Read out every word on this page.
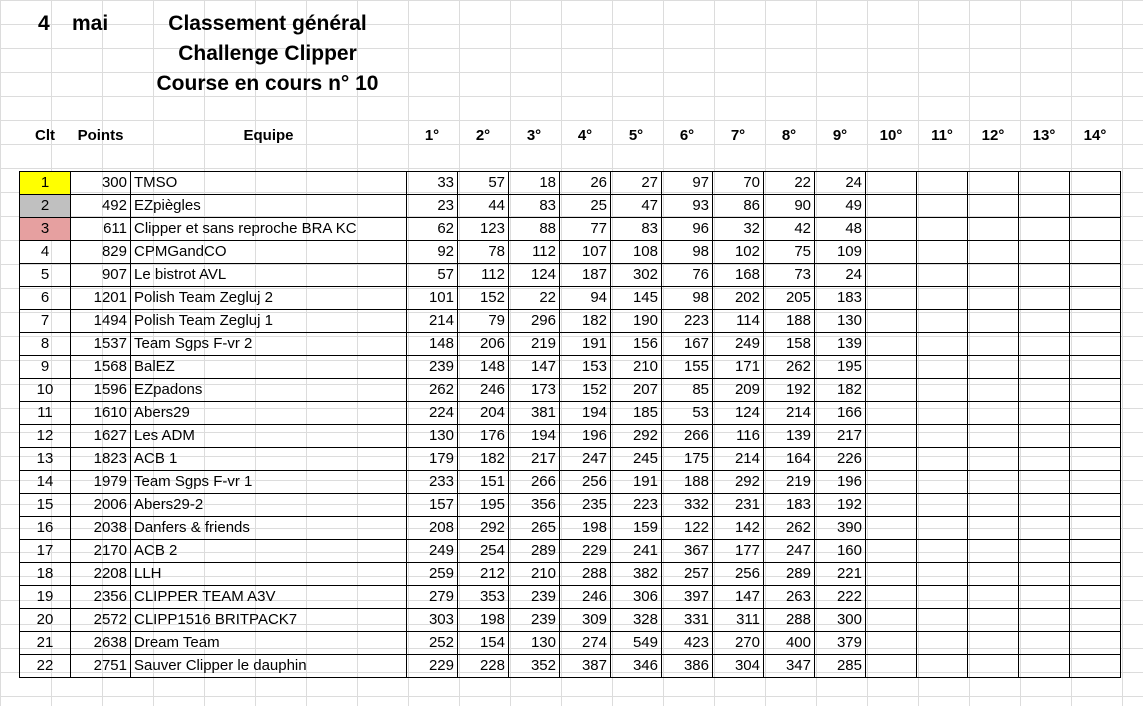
4 mai	Classement général
Challenge Clipper
Course en cours n° 10
Clt	Points	Equipe	1°	2°	3°	4°	5°	6°	7°	8°	9°	10°	11°	12°	13°	14°

1	300	TMSO	33	57	18	26	27	97	70	22	24					
2	492	EZpiègles	23	44	83	25	47	93	86	90	49					
3	611	Clipper et sans reproche BRA KC	62	123	88	77	83	96	32	42	48					
4	829	CPMGandCO	92	78	112	107	108	98	102	75	109					
5	907	Le bistrot AVL	57	112	124	187	302	76	168	73	24					
6	1201	Polish Team Zegluj 2	101	152	22	94	145	98	202	205	183					
7	1494	Polish Team Zegluj 1	214	79	296	182	190	223	114	188	130					
8	1537	Team Sgps F-vr 2	148	206	219	191	156	167	249	158	139					
9	1568	BalEZ	239	148	147	153	210	155	171	262	195					
10	1596	EZpadons	262	246	173	152	207	85	209	192	182					
11	1610	Abers29	224	204	381	194	185	53	124	214	166					
12	1627	Les ADM	130	176	194	196	292	266	116	139	217					
13	1823	ACB 1	179	182	217	247	245	175	214	164	226					
14	1979	Team Sgps F-vr 1	233	151	266	256	191	188	292	219	196					
15	2006	Abers29-2	157	195	356	235	223	332	231	183	192					
16	2038	Danfers & friends	208	292	265	198	159	122	142	262	390					
17	2170	ACB 2	249	254	289	229	241	367	177	247	160					
18	2208	LLH	259	212	210	288	382	257	256	289	221					
19	2356	CLIPPER TEAM A3V	279	353	239	246	306	397	147	263	222					
20	2572	CLIPP1516 BRITPACK7	303	198	239	309	328	331	311	288	300					
21	2638	Dream Team	252	154	130	274	549	423	270	400	379					
22	2751	Sauver Clipper le dauphin	229	228	352	387	346	386	304	347	285					
